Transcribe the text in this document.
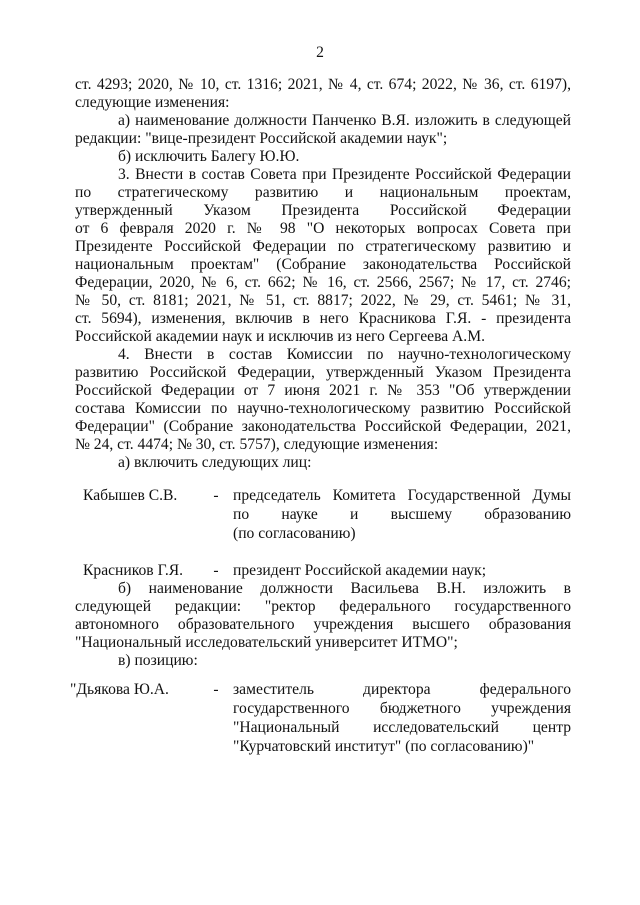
2
ст. 4293; 2020, № 10, ст. 1316; 2021, № 4, ст. 674; 2022, № 36, ст. 6197),
следующие изменения:
а) наименование должности Панченко В.Я. изложить в следующей
редакции: "вице-президент Российской академии наук";
б) исключить Балегу Ю.Ю.
3. Внести в состав Совета при Президенте Российской Федерации
по стратегическому развитию и национальным проектам,
утвержденный Указом Президента Российской Федерации
от 6 февраля 2020 г. № 98 "О некоторых вопросах Совета при
Президенте Российской Федерации по стратегическому развитию и
национальным проектам" (Собрание законодательства Российской
Федерации, 2020, № 6, ст. 662; № 16, ст. 2566, 2567; № 17, ст. 2746;
№ 50, ст. 8181; 2021, № 51, ст. 8817; 2022, № 29, ст. 5461; № 31,
ст. 5694), изменения, включив в него Красникова Г.Я. - президента
Российской академии наук и исключив из него Сергеева А.М.
4. Внести в состав Комиссии по научно-технологическому
развитию Российской Федерации, утвержденный Указом Президента
Российской Федерации от 7 июня 2021 г. № 353 "Об утверждении
состава Комиссии по научно-технологическому развитию Российской
Федерации" (Собрание законодательства Российской Федерации, 2021,
№ 24, ст. 4474; № 30, ст. 5757), следующие изменения:
а) включить следующих лиц:
Кабышев С.В.	- председатель Комитета Государственной Думы
по науке и высшему образованию
(по согласованию)
Красников Г.Я.	- президент Российской академии наук;
б) наименование должности Васильева В.Н. изложить в
следующей редакции: "ректор федерального государственного
автономного образовательного учреждения высшего образования
"Национальный исследовательский университет ИТМО";
в) позицию:
"Дьякова Ю.А.	- заместитель директора федерального
государственного бюджетного учреждения
"Национальный исследовательский центр
"Курчатовский институт" (по согласованию)"
